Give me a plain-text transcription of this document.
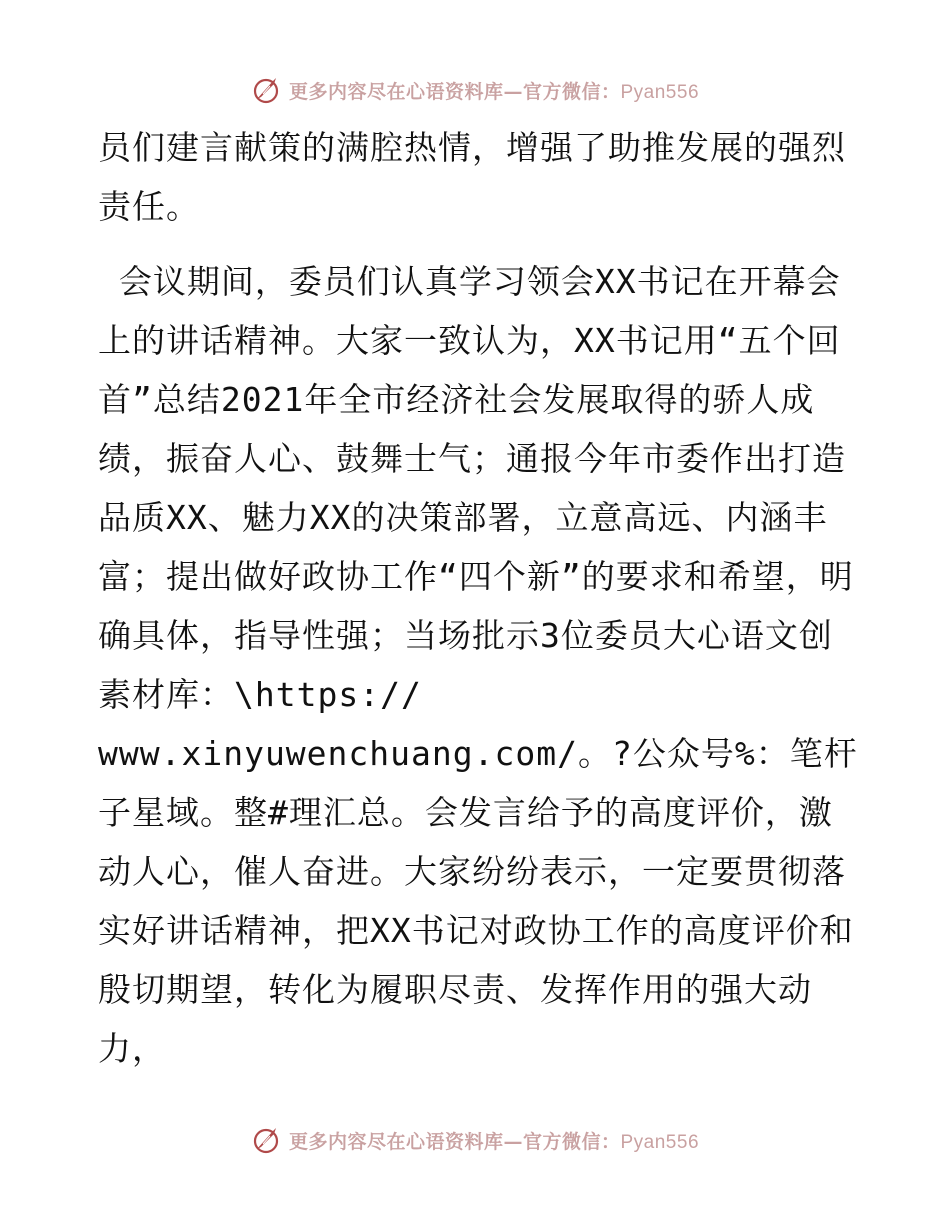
更多内容尽在心语资料库—官方微信：Pyan556

员们建言献策的满腔热情，增强了助推发展的强烈责任。

会议期间，委员们认真学习领会XX书记在开幕会上的讲话精神。大家一致认为，XX书记用“五个回首”总结2021年全市经济社会发展取得的骄人成绩，振奋人心、鼓舞士气；通报今年市委作出打造品质XX、魅力XX的决策部署，立意高远、内涵丰富；提出做好政协工作“四个新”的要求和希望，明确具体，指导性强；当场批示3位委员大心语文创素材库：\https://
www.xinyuwenchuang.com/。?公众号%：笔杆子星域。整#理汇总。会发言给予的高度评价，激动人心，催人奋进。大家纷纷表示，一定要贯彻落实好讲话精神，把XX书记对政协工作的高度评价和殷切期望，转化为履职尽责、发挥作用的强大动力，

更多内容尽在心语资料库—官方微信：Pyan556
